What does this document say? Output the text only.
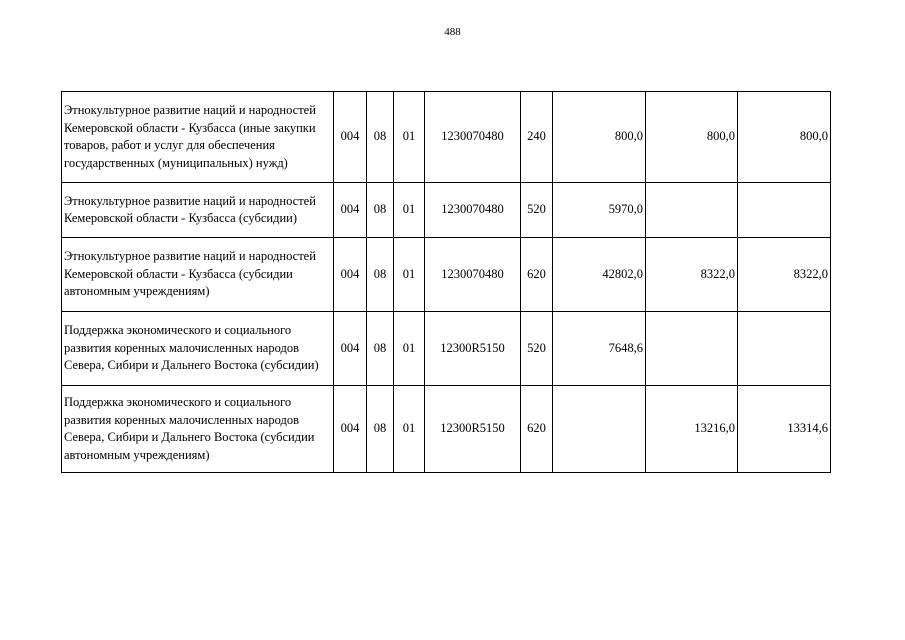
488
Этнокультурное развитие наций и народностей Кемеровской области - Кузбасса (иные закупки товаров, работ и услуг для обеспечения государственных (муниципальных) нужд)	004	08	01	1230070480	240	800,0	800,0	800,0
Этнокультурное развитие наций и народностей Кемеровской области - Кузбасса (субсидии)	004	08	01	1230070480	520	5970,0		
Этнокультурное развитие наций и народностей Кемеровской области - Кузбасса (субсидии автономным учреждениям)	004	08	01	1230070480	620	42802,0	8322,0	8322,0
Поддержка экономического и социального развития коренных малочисленных народов Севера, Сибири и Дальнего Востока (субсидии)	004	08	01	12300R5150	520	7648,6		
Поддержка экономического и социального развития коренных малочисленных народов Севера, Сибири и Дальнего Востока (субсидии автономным учреждениям)	004	08	01	12300R5150	620		13216,0	13314,6
